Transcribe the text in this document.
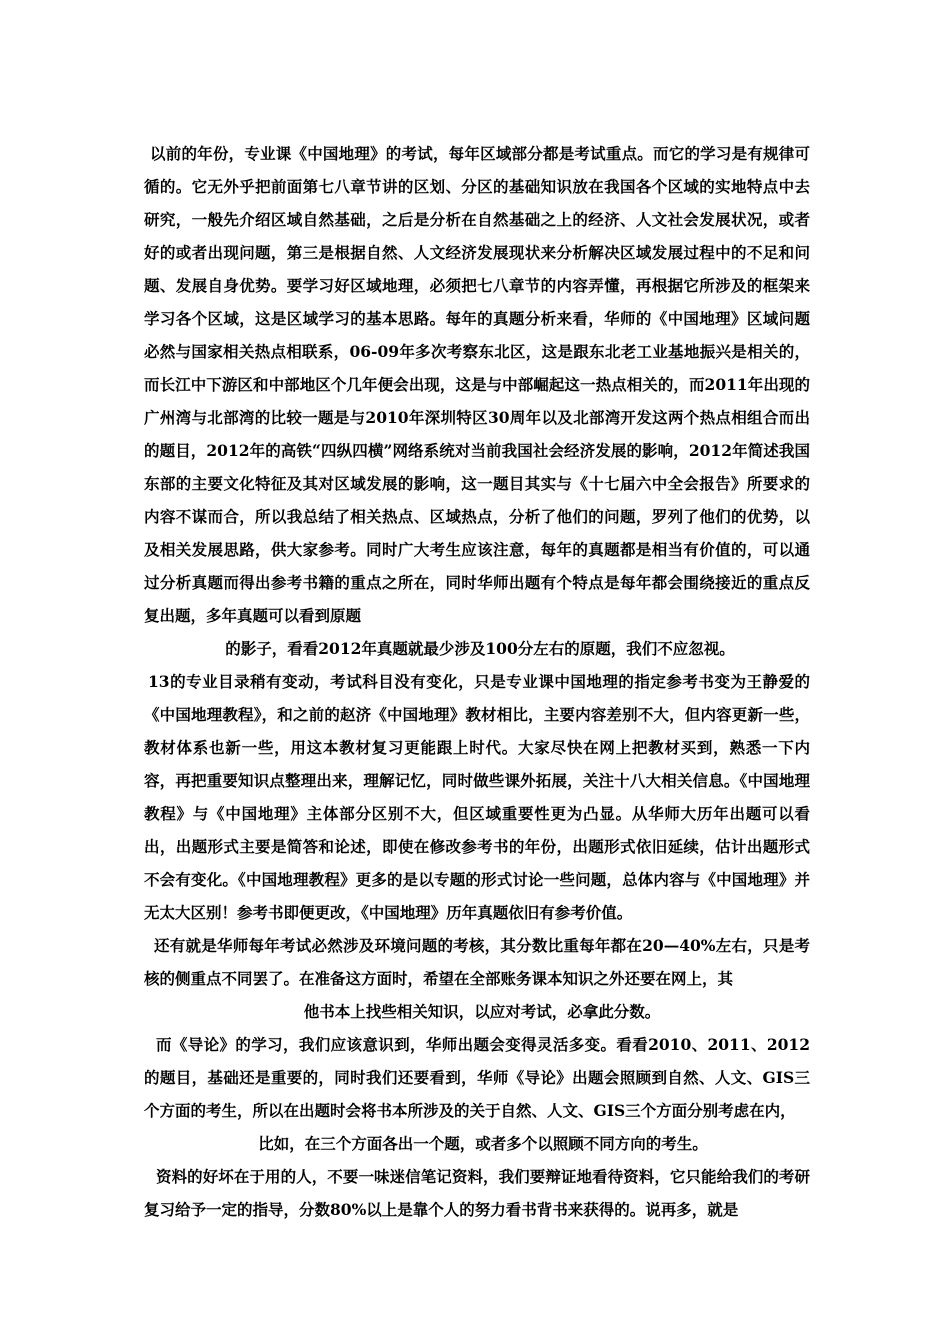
以前的年份，专业课《中国地理》的考试，每年区域部分都是考试重点。而它的学习是有规律可循的。它无外乎把前面第七八章节讲的区划、分区的基础知识放在我国各个区域的实地特点中去研究，一般先介绍区域自然基础，之后是分析在自然基础之上的经济、人文社会发展状况，或者好的或者出现问题，第三是根据自然、人文经济发展现状来分析解决区域发展过程中的不足和问题、发展自身优势。要学习好区域地理，必须把七八章节的内容弄懂，再根据它所涉及的框架来学习各个区域，这是区域学习的基本思路。每年的真题分析来看，华师的《中国地理》区域问题必然与国家相关热点相联系，06-09年多次考察东北区，这是跟东北老工业基地振兴是相关的，而长江中下游区和中部地区个几年便会出现，这是与中部崛起这一热点相关的，而2011年出现的广州湾与北部湾的比较一题是与2010年深圳特区30周年以及北部湾开发这两个热点相组合而出的题目，2012年的高铁“四纵四横”网络系统对当前我国社会经济发展的影响，2012年简述我国东部的主要文化特征及其对区域发展的影响，这一题目其实与《十七届六中全会报告》所要求的内容不谋而合，所以我总结了相关热点、区域热点，分析了他们的问题，罗列了他们的优势，以及相关发展思路，供大家参考。同时广大考生应该注意，每年的真题都是相当有价值的，可以通过分析真题而得出参考书籍的重点之所在，同时华师出题有个特点是每年都会围绕接近的重点反复出题，多年真题可以看到原题
的影子，看看2012年真题就最少涉及100分左右的原题，我们不应忽视。

13的专业目录稍有变动，考试科目没有变化，只是专业课中国地理的指定参考书变为王静爱的《中国地理教程》，和之前的赵济《中国地理》教材相比，主要内容差别不大，但内容更新一些，教材体系也新一些，用这本教材复习更能跟上时代。大家尽快在网上把教材买到，熟悉一下内容，再把重要知识点整理出来，理解记忆，同时做些课外拓展，关注十八大相关信息。《中国地理教程》与《中国地理》主体部分区别不大，但区域重要性更为凸显。从华师大历年出题可以看出，出题形式主要是简答和论述，即使在修改参考书的年份，出题形式依旧延续，估计出题形式不会有变化。《中国地理教程》更多的是以专题的形式讨论一些问题，总体内容与《中国地理》并无太大区别！参考书即便更改，《中国地理》历年真题依旧有参考价值。

还有就是华师每年考试必然涉及环境问题的考核，其分数比重每年都在20—40%左右，只是考核的侧重点不同罢了。在准备这方面时，希望在全部账务课本知识之外还要在网上，其
他书本上找些相关知识，以应对考试，必拿此分数。

而《导论》的学习，我们应该意识到，华师出题会变得灵活多变。看看2010、2011、2012的题目，基础还是重要的，同时我们还要看到，华师《导论》出题会照顾到自然、人文、GIS三个方面的考生，所以在出题时会将书本所涉及的关于自然、人文、GIS三个方面分别考虑在内，
比如，在三个方面各出一个题，或者多个以照顾不同方向的考生。

资料的好坏在于用的人，不要一味迷信笔记资料，我们要辩证地看待资料，它只能给我们的考研复习给予一定的指导，分数80%以上是靠个人的努力看书背书来获得的。说再多，就是
